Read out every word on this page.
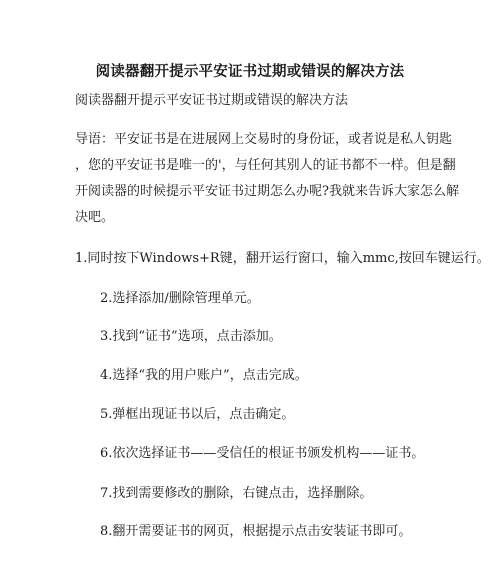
阅读器翻开提示平安证书过期或错误的解决方法
阅读器翻开提示平安证书过期或错误的解决方法

导语：平安证书是在进展网上交易时的身份证，或者说是私人钥匙
，您的平安证书是唯一的'，与任何其别人的证书都不一样。但是翻
开阅读器的时候提示平安证书过期怎么办呢?我就来告诉大家怎么解
决吧。

1.同时按下Windows+R键，翻开运行窗口，输入mmc,按回车键运行。
2.选择添加/删除管理单元。
3.找到“证书”选项，点击添加。
4.选择“我的用户账户”，点击完成。
5.弹框出现证书以后，点击确定。
6.依次选择证书——受信任的根证书颁发机构——证书。
7.找到需要修改的删除，右键点击，选择删除。
8.翻开需要证书的网页，根据提示点击安装证书即可。
